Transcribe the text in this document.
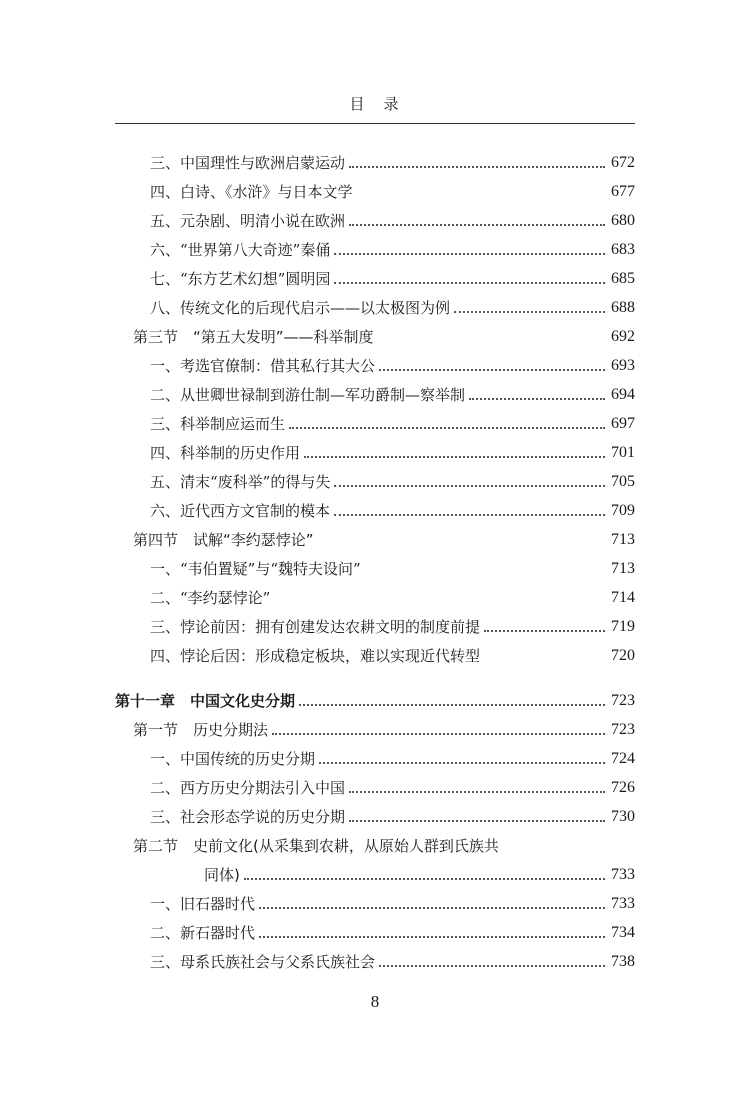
目　录
三、中国理性与欧洲启蒙运动	672
四、白诗、《水浒》与日本文学	677
五、元杂剧、明清小说在欧洲	680
六、“世界第八大奇迹”秦俑	683
七、“东方艺术幻想”圆明园	685
八、传统文化的后现代启示——以太极图为例	688
第三节　“第五大发明”——科举制度	692
一、考选官僚制：借其私行其大公	693
二、从世卿世禄制到游仕制—军功爵制—察举制	694
三、科举制应运而生	697
四、科举制的历史作用	701
五、清末“废科举”的得与失	705
六、近代西方文官制的模本	709
第四节　试解“李约瑟悖论”	713
一、“韦伯置疑”与“魏特夫设问”	713
二、“李约瑟悖论”	714
三、悖论前因：拥有创建发达农耕文明的制度前提	719
四、悖论后因：形成稳定板块，难以实现近代转型	720
第十一章　中国文化史分期	723
第一节　历史分期法	723
一、中国传统的历史分期	724
二、西方历史分期法引入中国	726
三、社会形态学说的历史分期	730
第二节　史前文化(从采集到农耕，从原始人群到氏族共
同体)	733
一、旧石器时代	733
二、新石器时代	734
三、母系氏族社会与父系氏族社会	738
8
